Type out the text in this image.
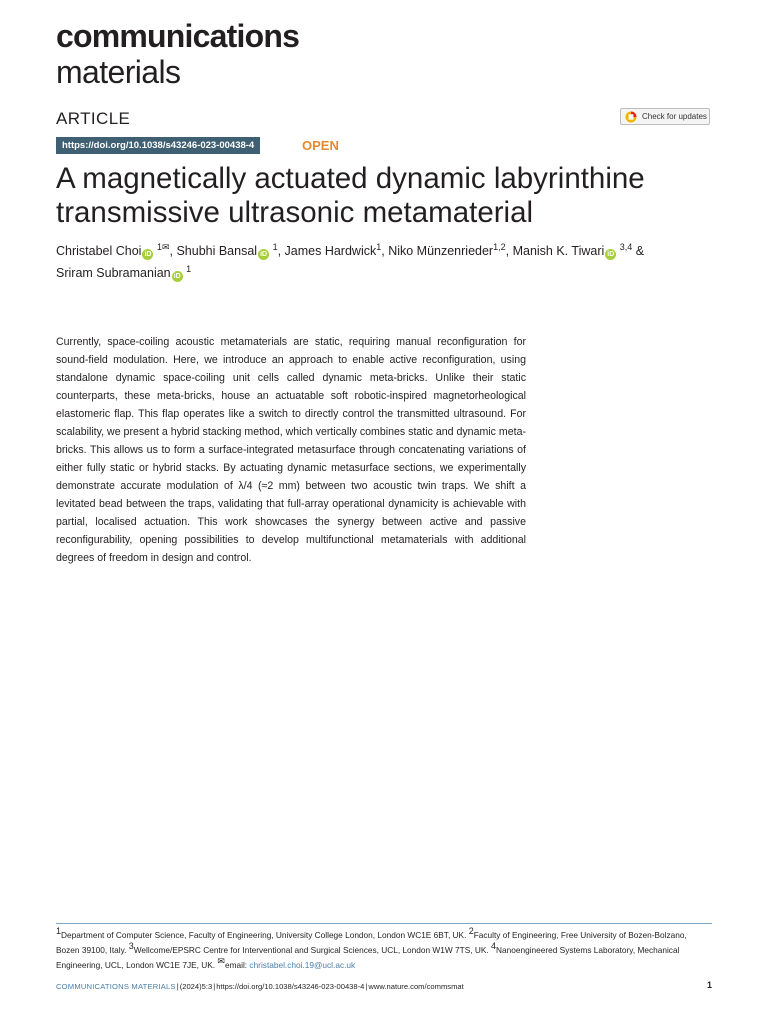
communications
materials
ARTICLE	Check for updates
https://doi.org/10.1038/s43246-023-00438-4	OPEN
A magnetically actuated dynamic labyrinthine transmissive ultrasonic metamaterial
Christabel Choi iD $^{1✉}$, Shubhi Bansal iD $^1$, James Hardwick$^1$, Niko Münzenrieder$^{1,2}$, Manish K. Tiwari iD $^{3,4}$ &
Sriram Subramanian iD $^1$
Currently, space-coiling acoustic metamaterials are static, requiring manual reconfiguration for sound-field modulation. Here, we introduce an approach to enable active reconfiguration, using standalone dynamic space-coiling unit cells called dynamic meta-bricks. Unlike their static counterparts, these meta-bricks, house an actuatable soft robotic-inspired magnetorheological elastomeric flap. This flap operates like a switch to directly control the transmitted ultrasound. For scalability, we present a hybrid stacking method, which vertically combines static and dynamic meta-bricks. This allows us to form a surface-integrated metasurface through concatenating variations of either fully static or hybrid stacks. By actuating dynamic metasurface sections, we experimentally demonstrate accurate modulation of λ/4 (≈2 mm) between two acoustic twin traps. We shift a levitated bead between the traps, validating that full-array operational dynamicity is achievable with partial, localised actuation. This work showcases the synergy between active and passive reconfigurability, opening possibilities to develop multifunctional metamaterials with additional degrees of freedom in design and control.
$^1$Department of Computer Science, Faculty of Engineering, University College London, London WC1E 6BT, UK. $^2$Faculty of Engineering, Free University of Bozen-Bolzano, Bozen 39100, Italy. $^3$Wellcome/EPSRC Centre for Interventional and Surgical Sciences, UCL, London W1W 7TS, UK. $^4$Nanoengineered Systems Laboratory, Mechanical Engineering, UCL, London WC1E 7JE, UK. ✉email: christabel.choi.19@ucl.ac.uk
COMMUNICATIONS MATERIALS | (2024)5:3 | https://doi.org/10.1038/s43246-023-00438-4 | www.nature.com/commsmat	1
